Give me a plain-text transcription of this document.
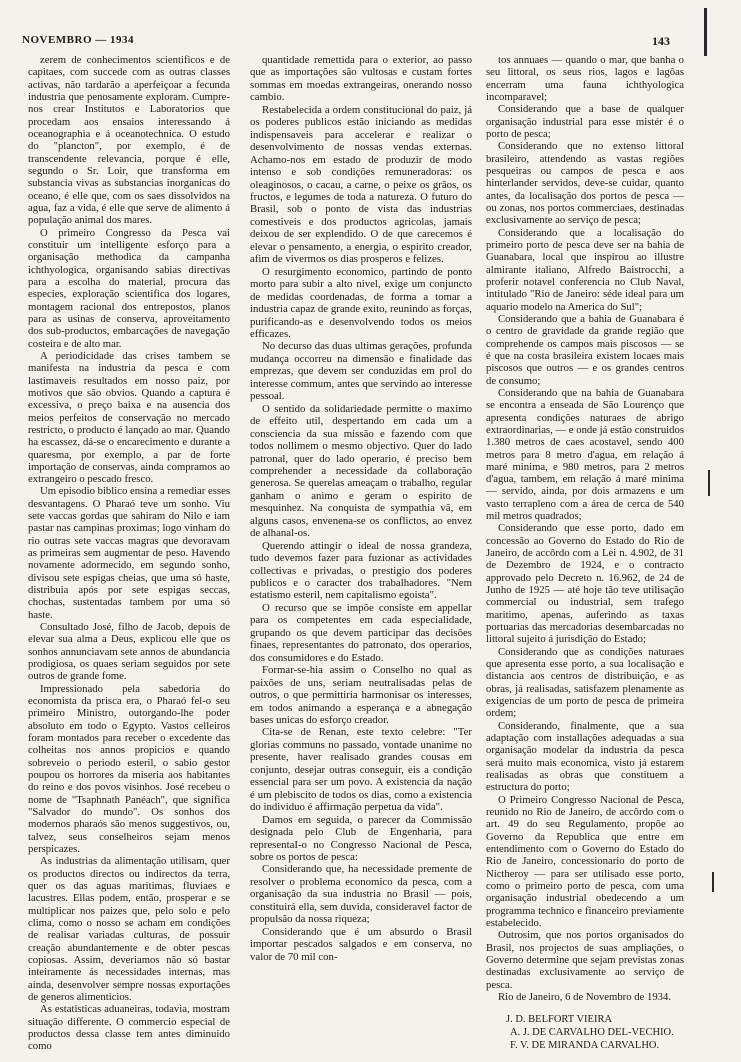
NOVEMBRO — 1934	143

zerem de conhecimentos scientificos e de capitaes, com succede com as outras classes activas, não tardarão a aperfeiçoar a fecunda industria que penosamente exploram. Cumpre-nos crear Institutos e Laboratorios que procedam aos ensaios interessando á oceanographia e á oceanotechnica. O estudo do "plancton", por exemplo, é de transcendente relevancia, porque é elle, segundo o Sr. Loir, que transforma em substancia vivas as substancias inorganicas do oceano, é elle que, com os saes dissolvidos na agua, faz a vida, é elle que serve de alimento á população animal dos mares.

O primeiro Congresso da Pesca vai constituir um intelligente esforço para a organisação methodica da campanha ichthyologica, organisando sabias directivas para a escolha do material, procura das especies, exploração scientifica dos logares, montagem racional dos entrepostos, planos para as usinas de conserva, aproveitamento dos sub-productos, embarcações de navegação costeira e de alto mar.

A periodicidade das crises tambem se manifesta na industria da pesca e com lastimaveis resultados em nosso paiz, por motivos que são obvios. Quando a captura é excessiva, o preço baixa e na ausencia dos meios perfeitos de conservação no mercado restricto, o producto é lançado ao mar. Quando ha escassez, dá-se o encarecimento e durante a quaresma, por exemplo, a par de forte importação de conservas, ainda compramos ao extrangeiro o pescado fresco.

Um episodio biblico ensina a remediar esses desvantagens. O Pharaó teve um sonho. Viu sete vaccas gordas que sahiram do Nilo e iam pastar nas campinas proximas; logo vinham do rio outras sete vaccas magras que devoravam as primeiras sem augmentar de peso. Havendo novamente adormecido, em segundo sonho, divisou sete espigas cheias, que uma só haste, distribuia após por sete espigas seccas, chochas, sustentadas tambem por uma só haste.

Consultado José, filho de Jacob, depois de elevar sua alma a Deus, explicou elle que os sonhos annunciavam sete annos de abundancia prodigiosa, os quaes seriam seguidos por sete outros de grande fome.

Impressionado pela sabedoria do economista da prisca era, o Pharaó fel-o seu primeiro Ministro, outorgando-lhe poder absoluto em todo o Egypto. Vastos celleiros foram montados para receber o excedente das colheitas nos annos propicios e quando sobreveio o periodo esteril, o sabio gestor poupou os horrores da miseria aos habitantes do reino e dos povos visinhos. José recebeu o nome de "Tsaphnath Panéach", que significa "Salvador do mundo". Os sonhos dos modernos pharaós são menos suggestivos, ou, talvez, seus conselheiros sejam menos perspicazes.

As industrias da alimentação utilisam, quer os productos directos ou indirectos da terra, quer os das aguas maritimas, fluviaes e lacustres. Ellas podem, então, prosperar e se multiplicar nos paizes que, pelo solo e pelo clima, como o nosso se acham em condições de realisar variadas culturas, de possuir creação abundantemente e de obter pescas copiosas. Assim, deveriamos não só bastar inteiramente ás necessidades internas, mas ainda, desenvolver sempre nossas exportações de generos alimenticios.

As estatisticas aduaneiras, todavia, mostram situação differente. O commercio especial de productos dessa classe tem antes diminuido como

quantidade remettida para o exterior, ao passo que as importações são vultosas e custam fortes sommas em moedas extrangeiras, onerando nosso cambio.

Restabelecida a ordem constitucional do paiz, já os poderes publicos estão iniciando as medidas indispensaveis para accelerar e realizar o desenvolvimento de nossas vendas externas. Achamo-nos em estado de produzir de modo intenso e sob condições remuneradoras: os oleaginosos, o cacau, a carne, o peixe os grãos, os fructos, e legumes de toda a natureza. O futuro do Brasil, sob o ponto de vista das industrias comestiveis e dos productos agricolas, jamais deixou de ser explendido. O de que carecemos é elevar o pensamento, a energia, o espirito creador, afim de vivermos os dias prosperos e felizes.

O resurgimento economico, partindo de ponto morto para subir a alto nivel, exige um conjuncto de medidas coordenadas, de forma a tomar a industria capaz de grande exito, reunindo as forças, purificando-as e desenvolvendo todos os meios efficazes.

No decurso das duas ultimas gerações, profunda mudança occorreu na dimensão e finalidade das emprezas, que devem ser conduzidas em prol do interesse commum, antes que servindo ao interesse pessoal.

O sentido da solidariedade permitte o maximo de effeito util, despertando em cada um a consciencia da sua missão e fazendo com que todos nollimem o mesmo objectivo. Quer do lado patronal, quer do lado operario, é preciso bem comprehender a necessidade da collaboração generosa. Se querelas ameaçam o trabalho, regular ganham o animo e geram o espirito de mesquinhez. Na conquista de sympathia vã, em alguns casos, envenena-se os conflictos, ao envez de alhanal-os.

Querendo attingir o ideal de nossa grandeza, tudo devemos fazer para fuzionar as actividades collectivas e privadas, o prestigio dos poderes publicos e o caracter dos trabalhadores. "Nem estatismo esteril, nem capitalismo egoista".

O recurso que se impõe consiste em appellar para os competentes em cada especialidade, grupando os que devem participar das decisões finaes, representantes do patronato, dos operarios, dos consumidores e do Estado.

Formar-se-hia assim o Conselho no qual as paixões de uns, seriam neutralisadas pelas de outros, o que permittiria harmonisar os interesses, em todos animando a esperança e a abnegação bases unicas do esforço creador.

Cita-se de Renan, este texto celebre: "Ter glorias communs no passado, vontade unanime no presente, haver realisado grandes cousas em conjunto, desejar outras conseguir, eis a condição essencial para ser um povo. A existencia da nação é um plebiscito de todos os dias, como a existencia do individuo é affirmação perpetua da vida".

Damos em seguida, o parecer da Commissão designada pelo Club de Engenharia, para representaI-o no Congresso Nacional de Pesca, sobre os portos de pesca:

Considerando que, ha necessidade premente de resolver o problema economico da pesca, com a organisação da sua industria no Brasil — pois, constituirá ella, sem duvida, consideravel factor de propulsão da nossa riqueza;

Considerando que é um absurdo o Brasil importar pescados salgados e em conserva, no valor de 70 mil con-

tos annuaes — quando o mar, que banha o seu littoral, os seus rios, lagos e lagôas encerram uma fauna ichthyologica incomparavel;

Considerando que a base de qualquer organisação industrial para esse mistér é o porto de pesca;

Considerando que no extenso littoral brasileiro, attendendo as vastas regiões pesqueiras ou campos de pesca e aos hinterlander servidos, deve-se cuidar, quanto antes, da localisação dos portos de pesca — ou zonas, nos portos commerciaes, destinadas exclusivamente ao serviço de pesca;

Considerando que a localisação do primeiro porto de pesca deve ser na bahia de Guanabara, local que inspirou ao illustre almirante italiano, Alfredo Baistrocchi, a proferir notavel conferencia no Club Naval, intitulado "Rio de Janeiro: séde ideal para um aquario modelo na America do Sul";

Considerando que a bahia de Guanabara é o centro de gravidade da grande região que comprehende os campos mais piscosos — se é que na costa brasileira existem locaes mais piscosos que outros — e os grandes centros de consumo;

Considerando que na bahia de Guanabara se encontra a enseada de São Lourenço que apresenta condições naturaes de abrigo extraordinarias, — e onde já estão construidos 1.380 metros de caes acostavel, sendo 400 metros para 8 metro d'agua, em relação á maré minima, e 980 metros, para 2 metros d'agua, tambem, em relação á maré minima — servido, ainda, por dois armazens e um vasto terrapleno com a área de cerca de 540 mil metros quadrados;

Considerando que esse porto, dado em concessão ao Governo do Estado do Rio de Janeiro, de accôrdo com a Lei n. 4.902, de 31 de Dezembro de 1924, e o contracto approvado pelo Decreto n. 16.962, de 24 de Junho de 1925 — até hoje tão teve utilisação commercial ou industrial, sem trafego maritimo, apenas, auferindo as taxas portuarias das mercadorias desembarcadas no littoral sujeito á jurisdição do Estado;

Considerando que as condições naturaes que apresenta esse porto, a sua localisação e distancia aos centros de distribuição, e as obras, já realisadas, satisfazem plenamente as exigencias de um porto de pesca de primeira ordem;

Considerando, finalmente, que a sua adaptação com installações adequadas a sua organisação modelar da industria da pesca será muito mais economica, visto já estarem realisadas as obras que constituem a estructura do porto;

O Primeiro Congresso Nacional de Pesca, reunido no Rio de Janeiro, de accôrdo com o art. 49 do seu Regulamento, propõe ao Governo da Republica que entre em entendimento com o Governo do Estado do Rio de Janeiro, concessionario do porto de Nictheroy — para ser utilisado esse porto, como o primeiro porto de pesca, com uma organisação industrial obedecendo a um programma technico e financeiro previamente estabelecido.

Outrosim, que nos portos organisados do Brasil, nos projectos de suas ampliações, o Governo determine que sejam previstas zonas destinadas exclusivamente ao serviço de pesca.

Rio de Janeiro, 6 de Novembro de 1934.

J. D. BELFORT VIEIRA
A. J. DE CARVALHO DEL-VECHIO.
F. V. DE MIRANDA CARVALHO.
